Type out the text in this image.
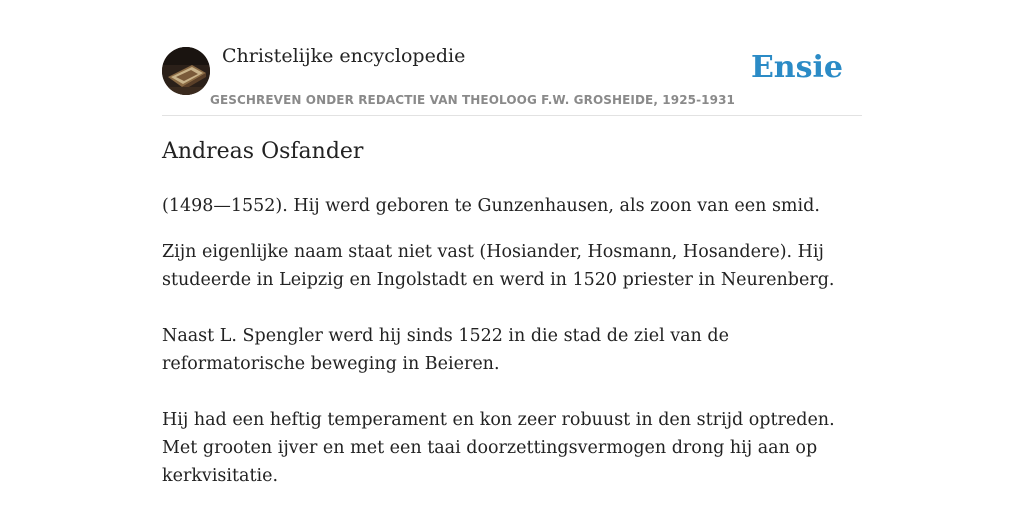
Christelijke encyclopedie
GESCHREVEN ONDER REDACTIE VAN THEOLOOG F.W. GROSHEIDE, 1925-1931
Ensie
Andreas Osfander

(1498—1552). Hij werd geboren te Gunzenhausen, als zoon van een smid.

Zijn eigenlijke naam staat niet vast (Hosiander, Hosmann, Hosandere). Hij studeerde in Leipzig en Ingolstadt en werd in 1520 priester in Neurenberg.

Naast L. Spengler werd hij sinds 1522 in die stad de ziel van de reformatorische beweging in Beieren.

Hij had een heftig temperament en kon zeer robuust in den strijd optreden. Met grooten ijver en met een taai doorzettingsvermogen drong hij aan op kerkvisitatie.
